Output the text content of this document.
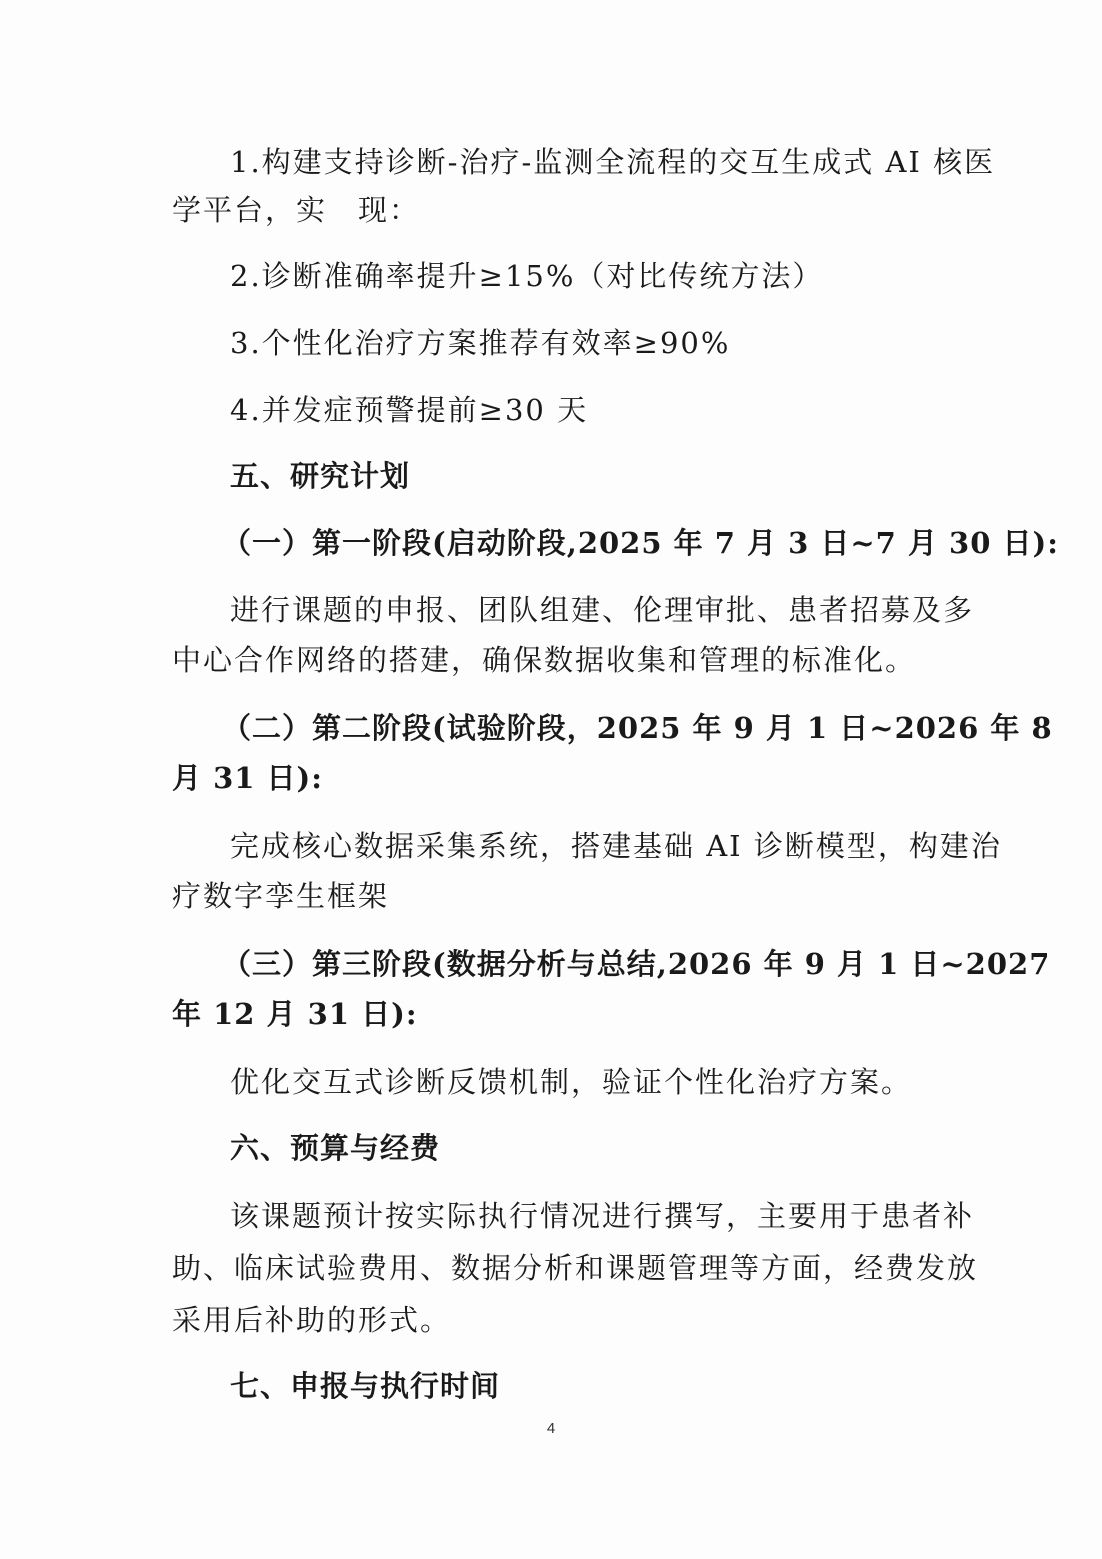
1.构建支持诊断-治疗-监测全流程的交互生成式 AI 核医
学平台，实　现：
2.诊断准确率提升≥15%（对比传统方法）
3.个性化治疗方案推荐有效率≥90%
4.并发症预警提前≥30 天
五、研究计划
（一）第一阶段(启动阶段,2025 年 7 月 3 日~7 月 30 日):
进行课题的申报、团队组建、伦理审批、患者招募及多
中心合作网络的搭建，确保数据收集和管理的标准化。
（二）第二阶段(试验阶段，2025 年 9 月 1 日~2026 年 8
月 31 日):
完成核心数据采集系统，搭建基础 AI 诊断模型，构建治
疗数字孪生框架
（三）第三阶段(数据分析与总结,2026 年 9 月 1 日~2027
年 12 月 31 日):
优化交互式诊断反馈机制，验证个性化治疗方案。
六、预算与经费
该课题预计按实际执行情况进行撰写，主要用于患者补
助、临床试验费用、数据分析和课题管理等方面，经费发放
采用后补助的形式。
七、申报与执行时间
4
